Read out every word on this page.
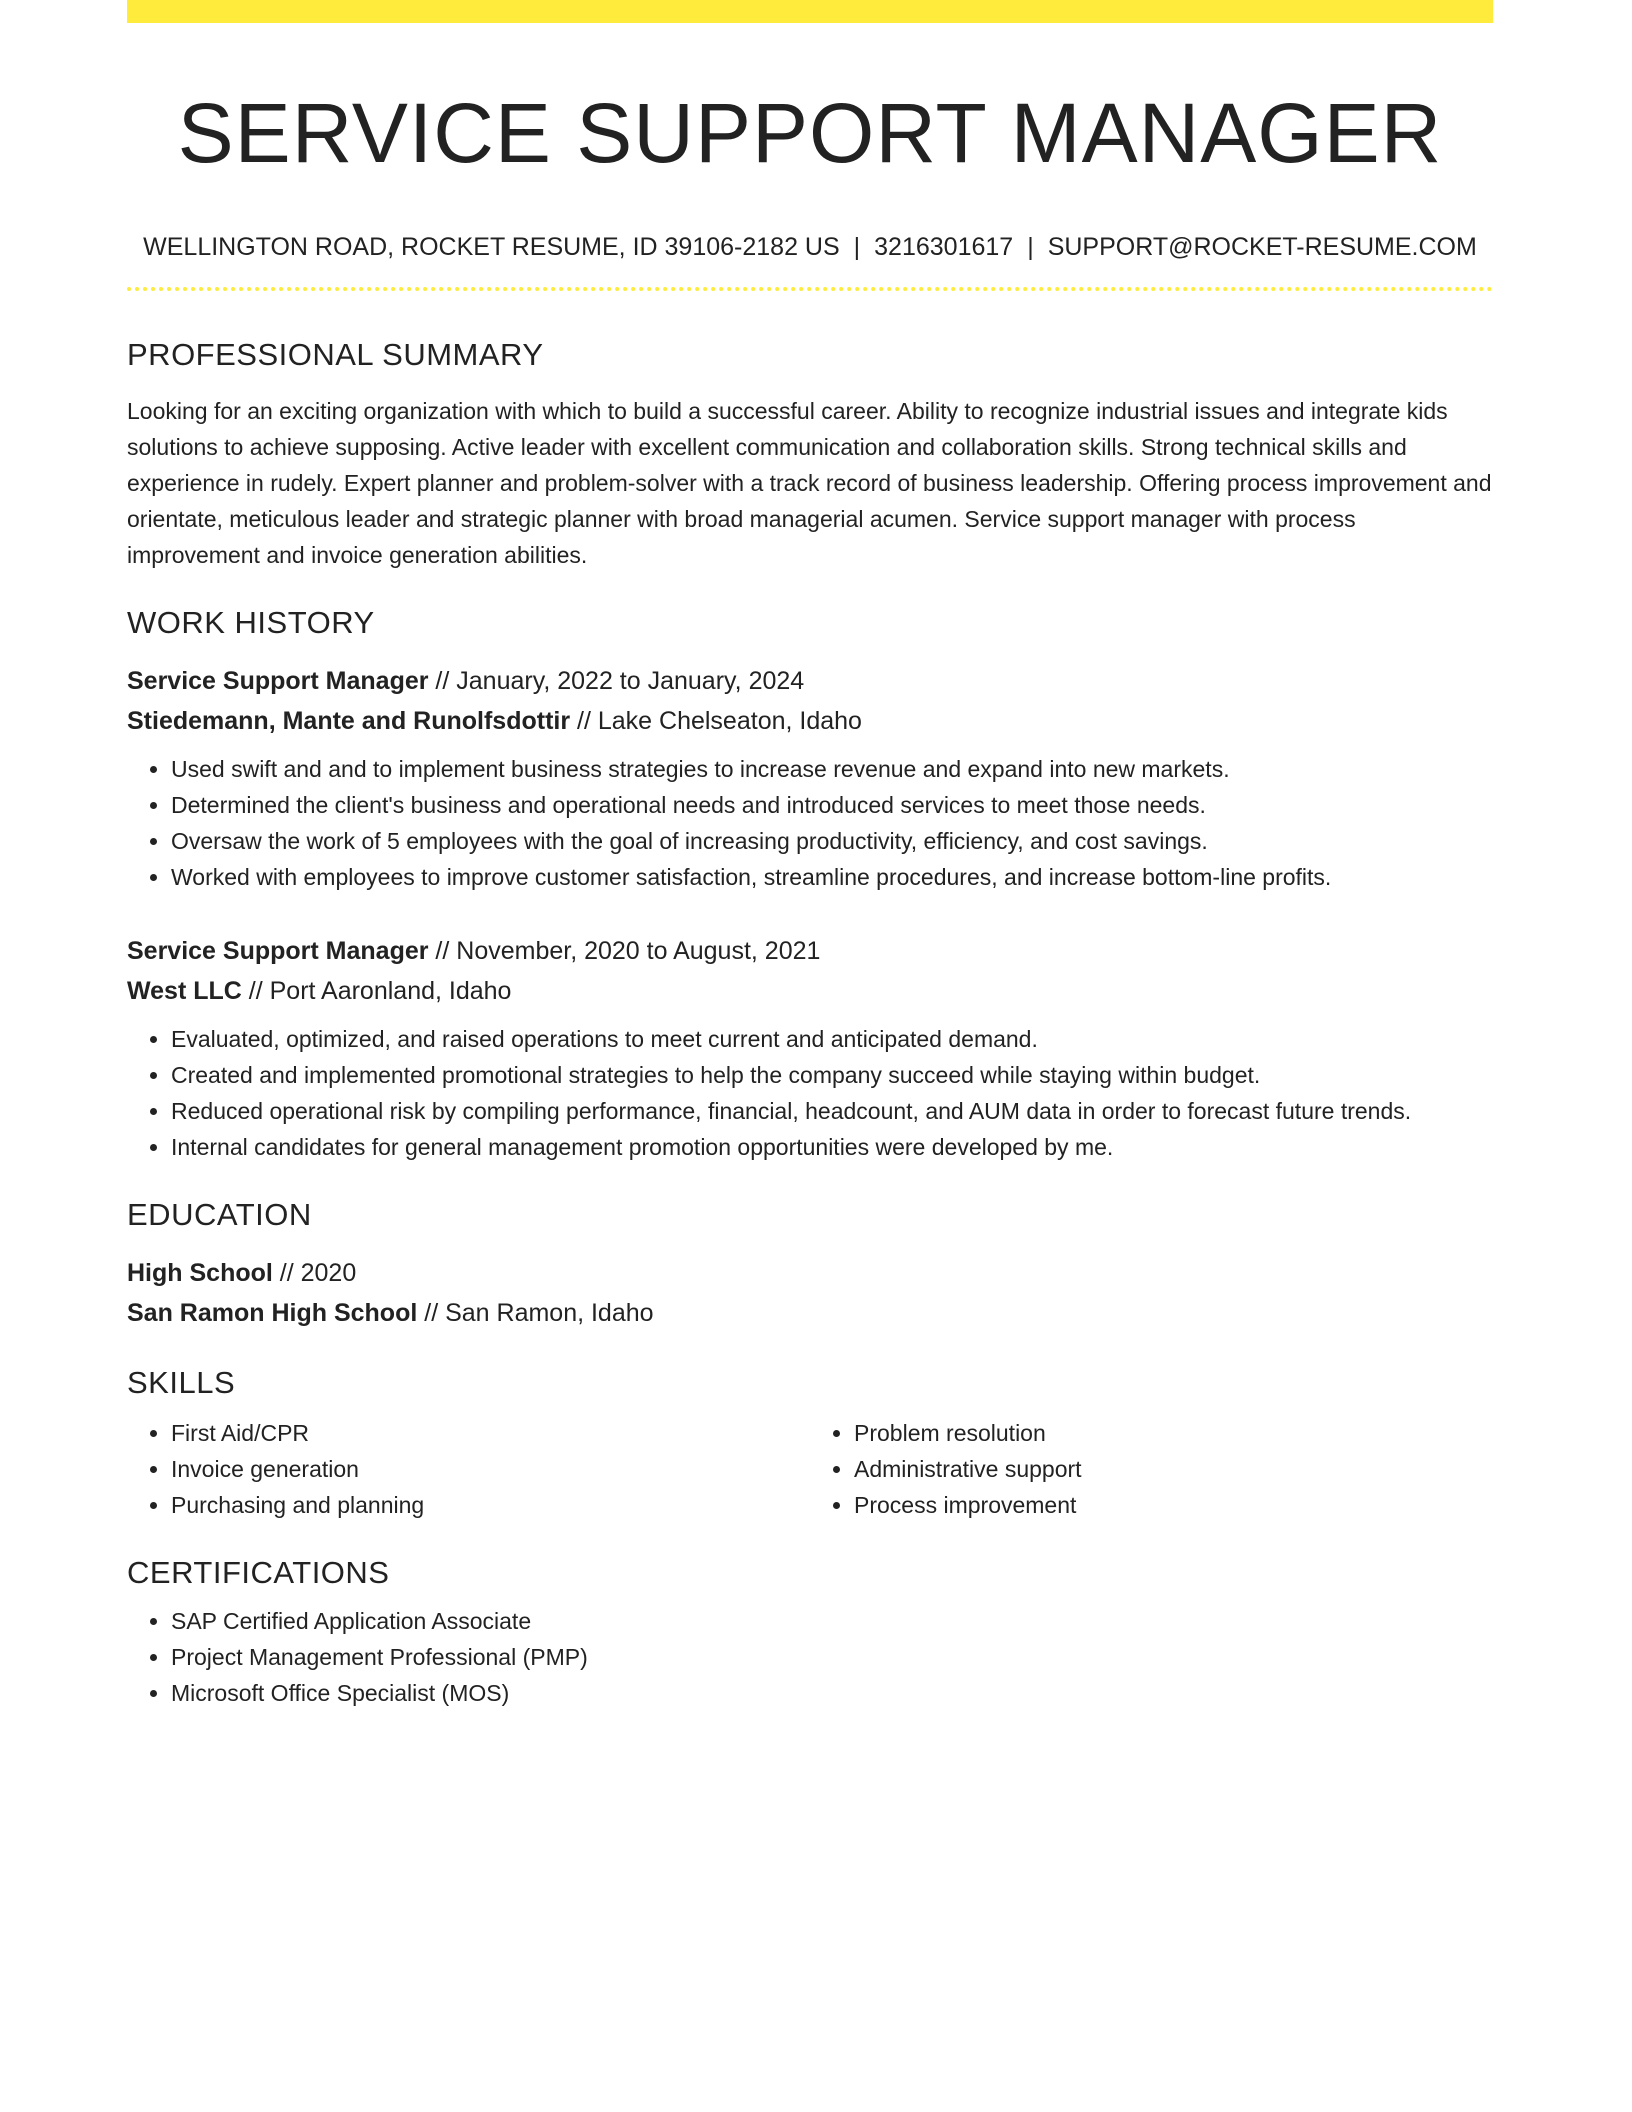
SERVICE SUPPORT MANAGER
WELLINGTON ROAD, ROCKET RESUME, ID 39106-2182 US | 3216301617 | SUPPORT@ROCKET-RESUME.COM
PROFESSIONAL SUMMARY
Looking for an exciting organization with which to build a successful career. Ability to recognize industrial issues and integrate kids solutions to achieve supposing. Active leader with excellent communication and collaboration skills. Strong technical skills and experience in rudely. Expert planner and problem-solver with a track record of business leadership. Offering process improvement and orientate, meticulous leader and strategic planner with broad managerial acumen. Service support manager with process improvement and invoice generation abilities.
WORK HISTORY
Service Support Manager // January, 2022 to January, 2024
Stiedemann, Mante and Runolfsdottir // Lake Chelseaton, Idaho
• Used swift and and to implement business strategies to increase revenue and expand into new markets.
• Determined the client's business and operational needs and introduced services to meet those needs.
• Oversaw the work of 5 employees with the goal of increasing productivity, efficiency, and cost savings.
• Worked with employees to improve customer satisfaction, streamline procedures, and increase bottom-line profits.
Service Support Manager // November, 2020 to August, 2021
West LLC // Port Aaronland, Idaho
• Evaluated, optimized, and raised operations to meet current and anticipated demand.
• Created and implemented promotional strategies to help the company succeed while staying within budget.
• Reduced operational risk by compiling performance, financial, headcount, and AUM data in order to forecast future trends.
• Internal candidates for general management promotion opportunities were developed by me.
EDUCATION
High School // 2020
San Ramon High School // San Ramon, Idaho
SKILLS
• First Aid/CPR
• Invoice generation
• Purchasing and planning
• Problem resolution
• Administrative support
• Process improvement
CERTIFICATIONS
• SAP Certified Application Associate
• Project Management Professional (PMP)
• Microsoft Office Specialist (MOS)
